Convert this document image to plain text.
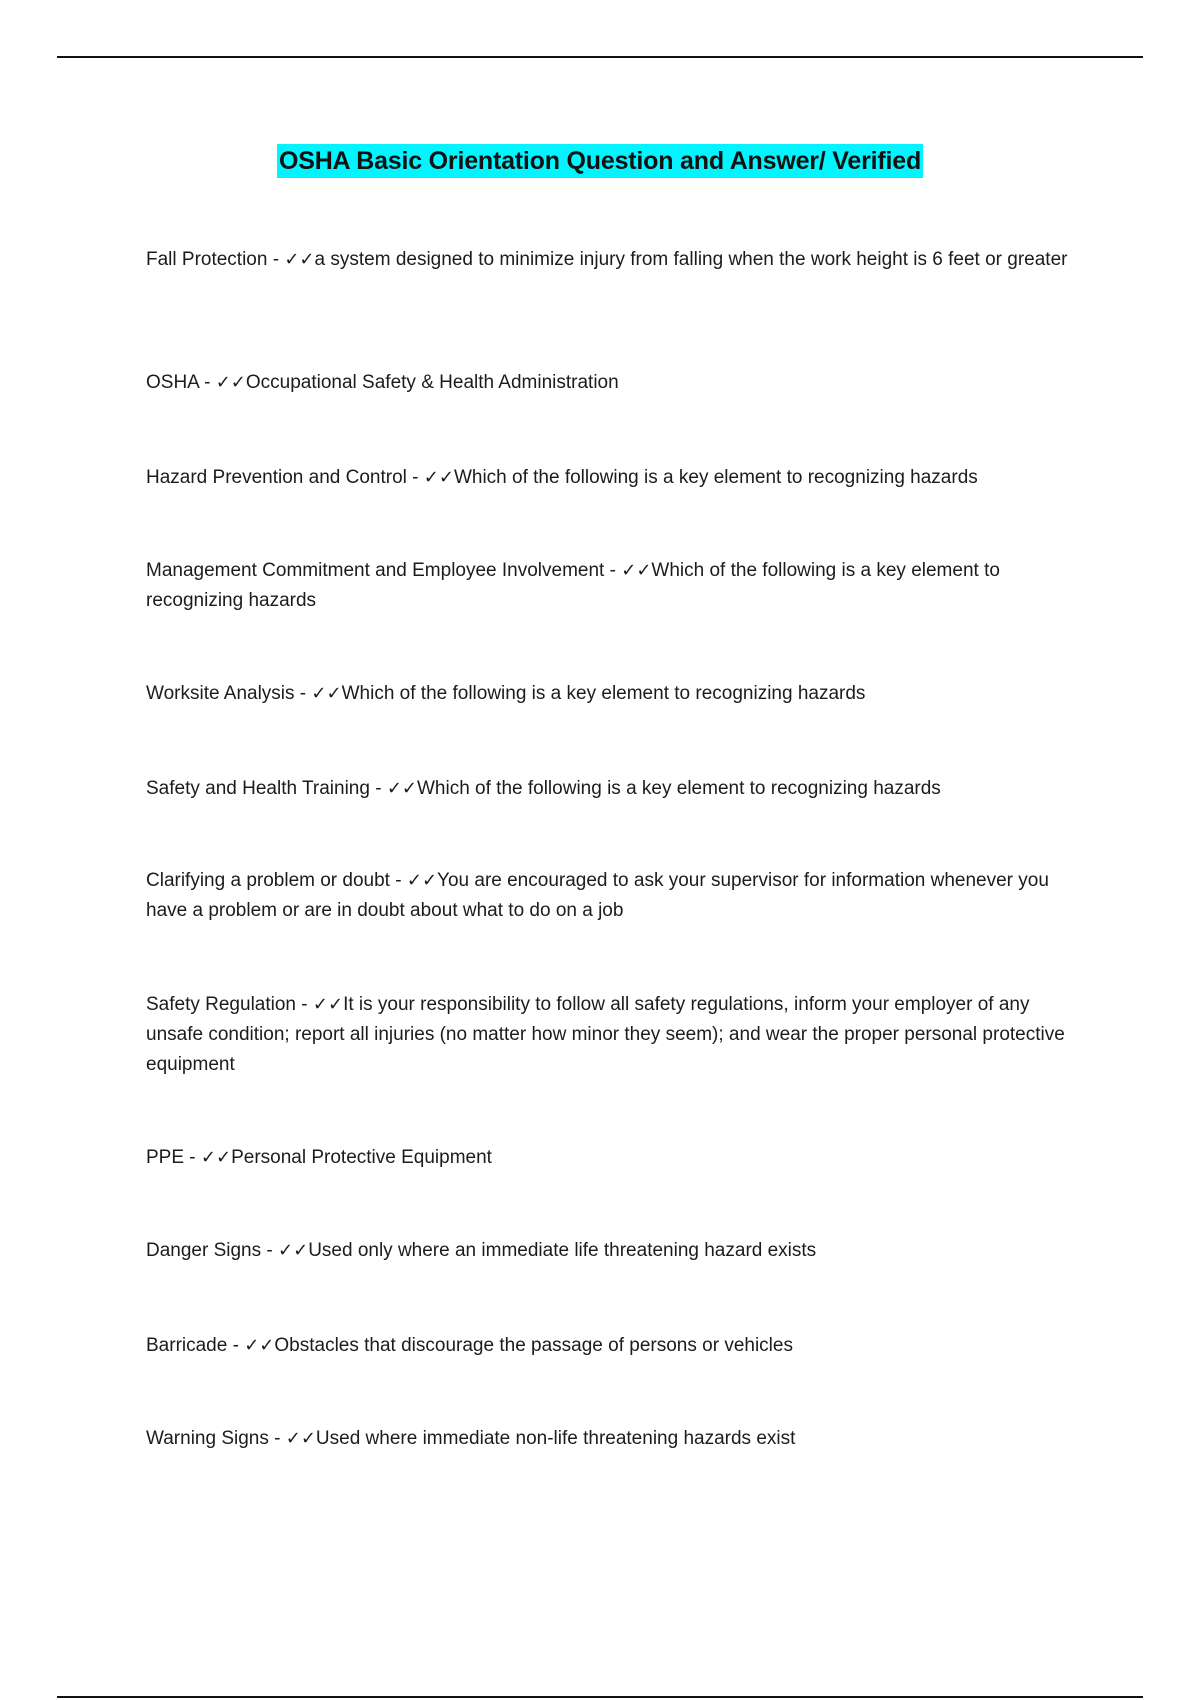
OSHA Basic Orientation Question and Answer/ Verified
Fall Protection - ✓✓a system designed to minimize injury from falling when the work height is 6 feet or greater
OSHA - ✓✓Occupational Safety & Health Administration
Hazard Prevention and Control - ✓✓Which of the following is a key element to recognizing hazards
Management Commitment and Employee Involvement - ✓✓Which of the following is a key element to recognizing hazards
Worksite Analysis - ✓✓Which of the following is a key element to recognizing hazards
Safety and Health Training - ✓✓Which of the following is a key element to recognizing hazards
Clarifying a problem or doubt - ✓✓You are encouraged to ask your supervisor for information whenever you have a problem or are in doubt about what to do on a job
Safety Regulation - ✓✓It is your responsibility to follow all safety regulations, inform your employer of any unsafe condition; report all injuries (no matter how minor they seem); and wear the proper personal protective equipment
PPE - ✓✓Personal Protective Equipment
Danger Signs - ✓✓Used only where an immediate life threatening hazard exists
Barricade - ✓✓Obstacles that discourage the passage of persons or vehicles
Warning Signs - ✓✓Used where immediate non-life threatening hazards exist
